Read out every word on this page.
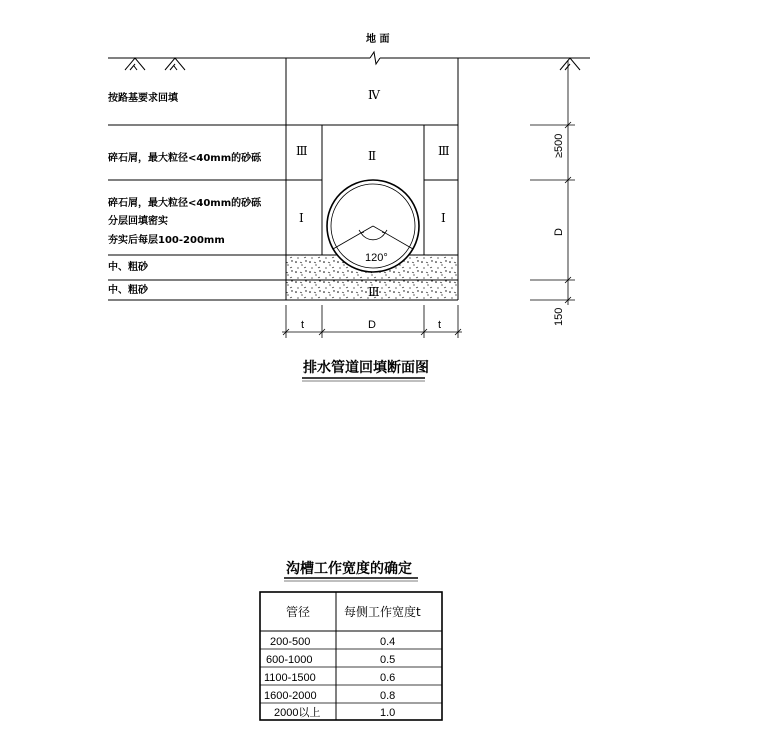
地 面
Ⅳ
Ⅱ
Ⅲ	Ⅲ
Ⅰ	Ⅰ
Ⅲ
120°
按路基要求回填
碎石屑，最大粒径<40mm的砂砾
碎石屑，最大粒径<40mm的砂砾
分层回填密实
夯实后每层100-200mm
中、粗砂
中、粗砂
t	D	t
≥500
D
150
排水管道回填断面图
沟槽工作宽度的确定
管径	每侧工作宽度t
200-500	0.4
600-1000	0.5
1100-1500	0.6
1600-2000	0.8
2000以上	1.0
